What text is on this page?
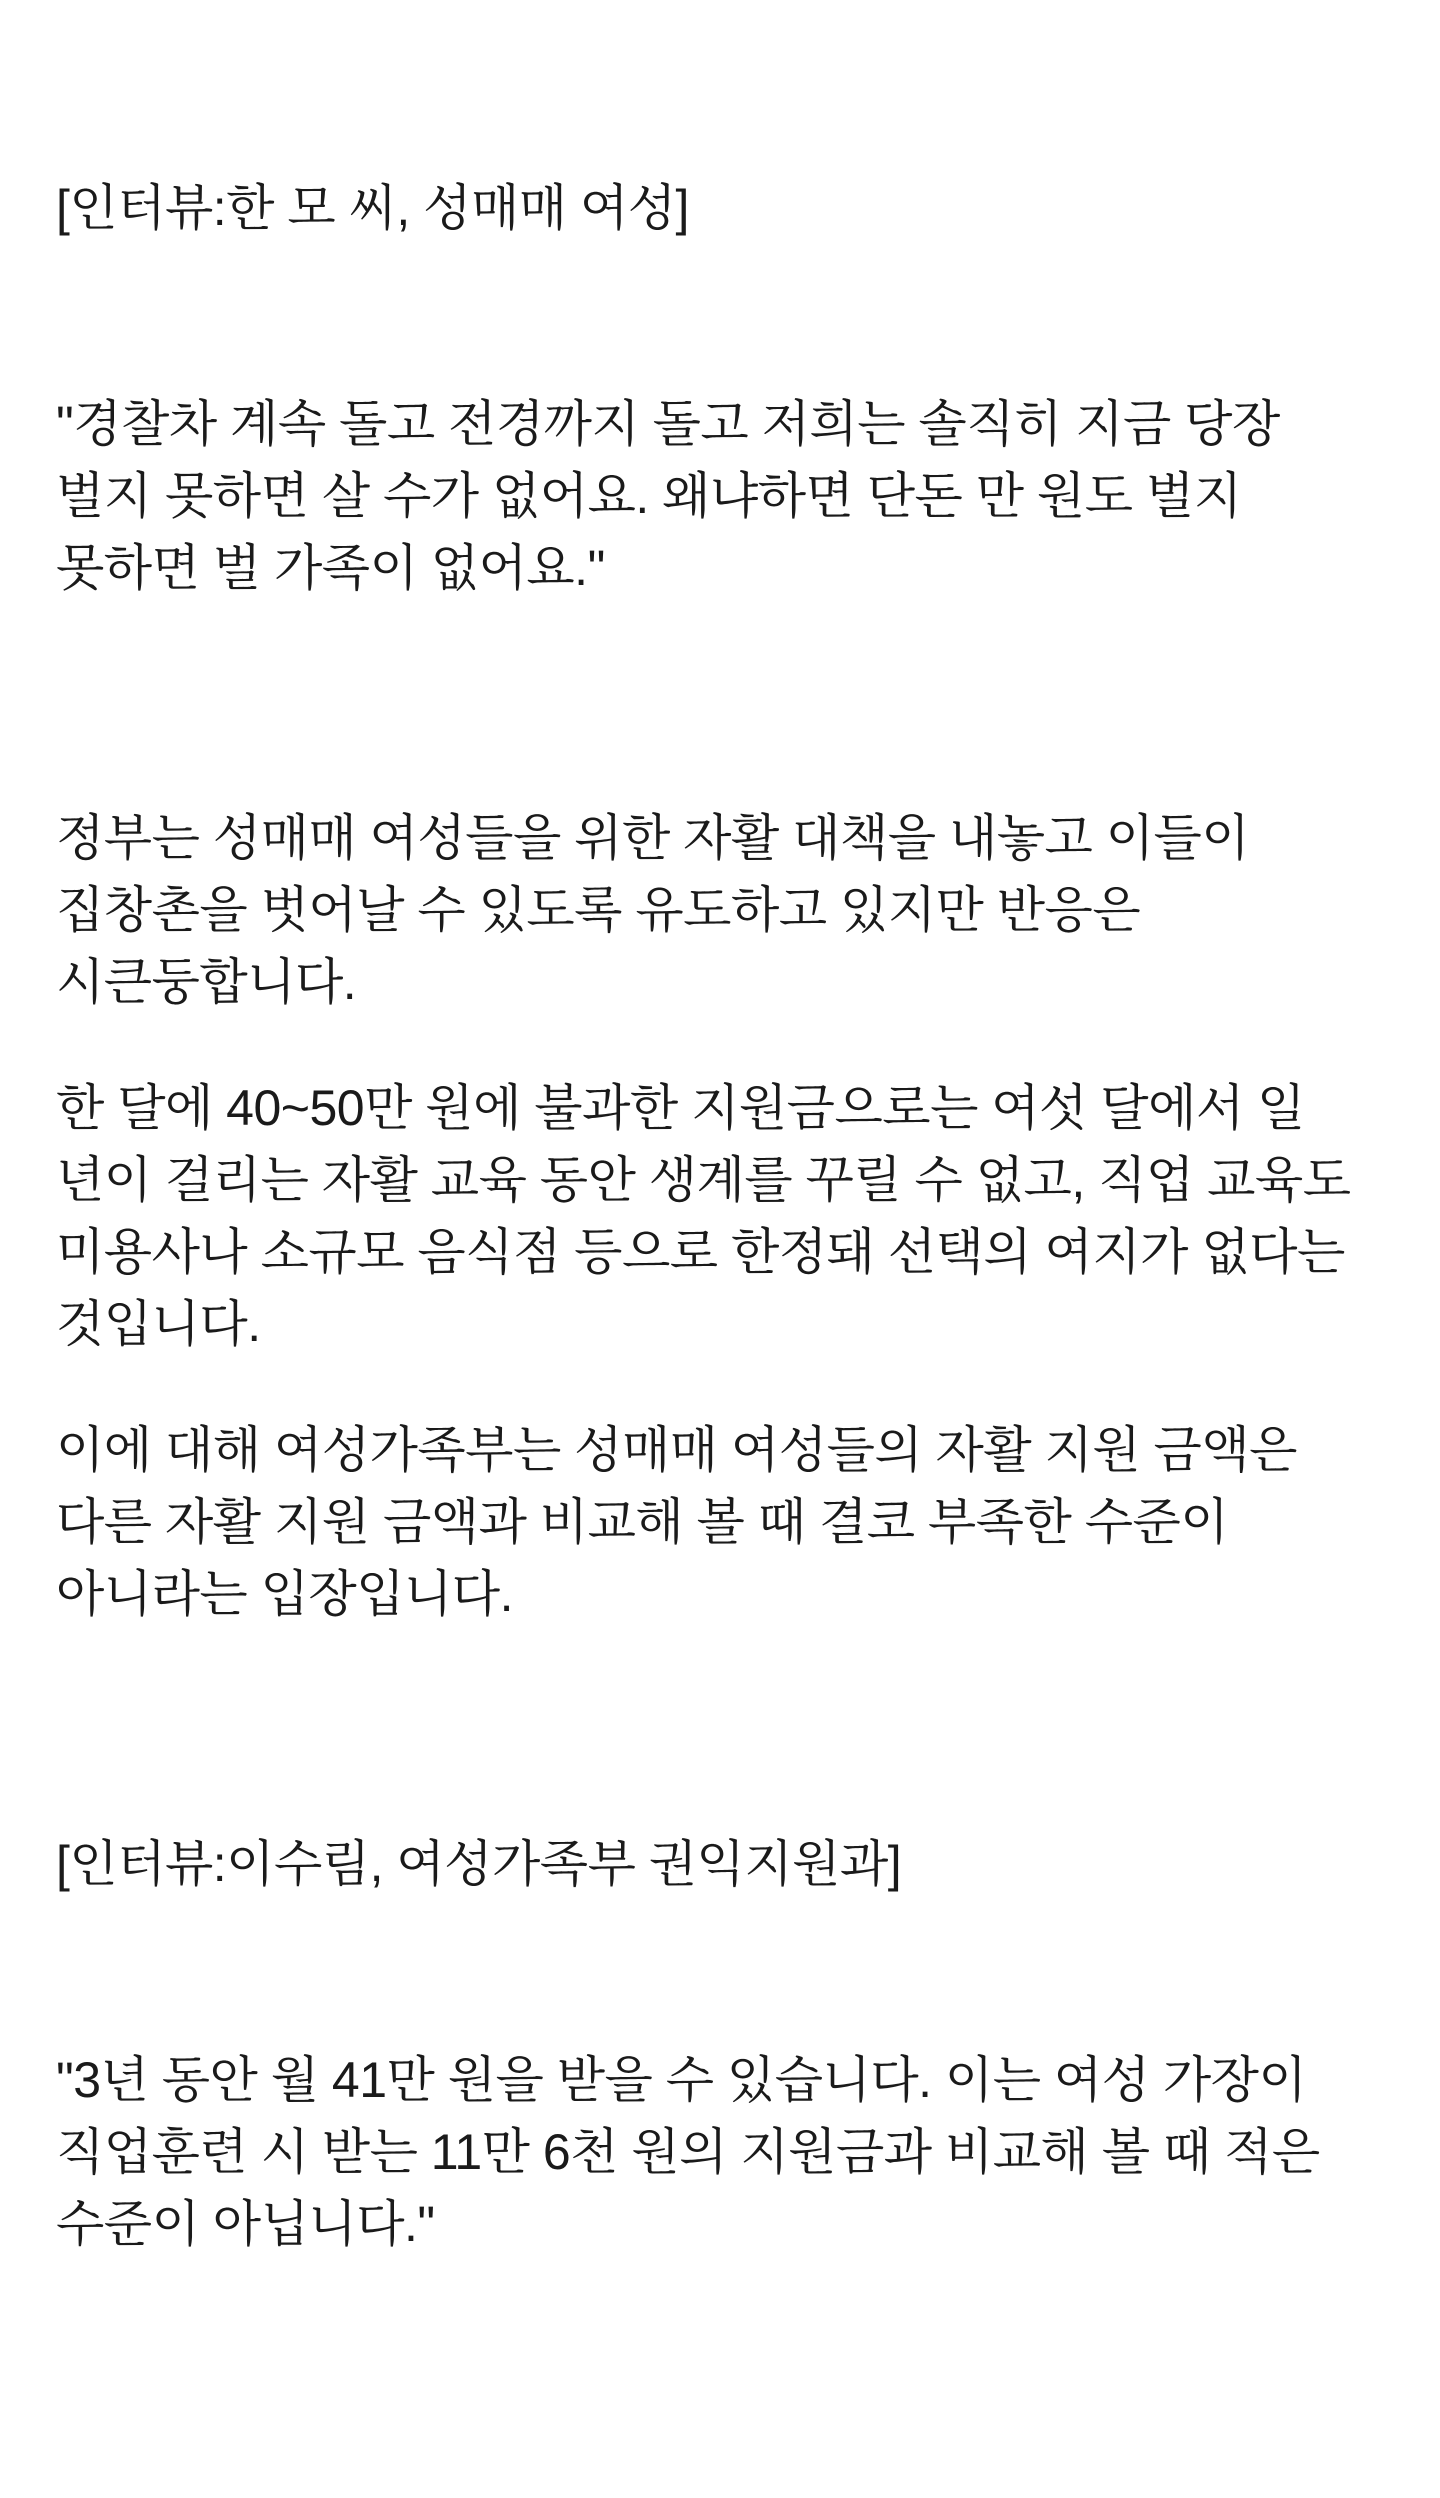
[인터뷰:한 모 씨, 성매매 여성]

"경찰차 계속 돌고 전경까지 돌고 저희는 솔직히 지금 당장 벌지 못하면 살 수가 없어요. 왜냐하면 단돈 만 원도 벌지 못하면 벌 가족이 없어요."

정부는 성매매 여성들을 위한 자활 대책을 내놓고 이들이 집창촌을 벗어날 수 있도록 유도하고 있지만 반응은 시큰둥합니다.

한 달에 40~50만 원에 불과한 지원금으로는 여섯 달에서 일 년이 걸리는 자활 교육 동안 생계를 꾸릴 수 없고, 직업 교육도 미용사나 소규모 음식점 등으로 한정돼 선택의 여지가 없다는 것입니다.

이에 대해 여성가족부는 성매매 여성들의 자활 지원 금액은 다른 자활 지원 금액과 비교해 볼 때 결코 부족한 수준이 아니라는 입장입니다.

[인터뷰:이수림, 여성가족부 권익지원과]

"3년 동안 월 41만 원을 받을 수 있습니다. 이는 여성 가장이 직업훈련 시 받는 11만 6천 원의 지원금과 비교해 볼 때 적은 수준이 아닙니다."
